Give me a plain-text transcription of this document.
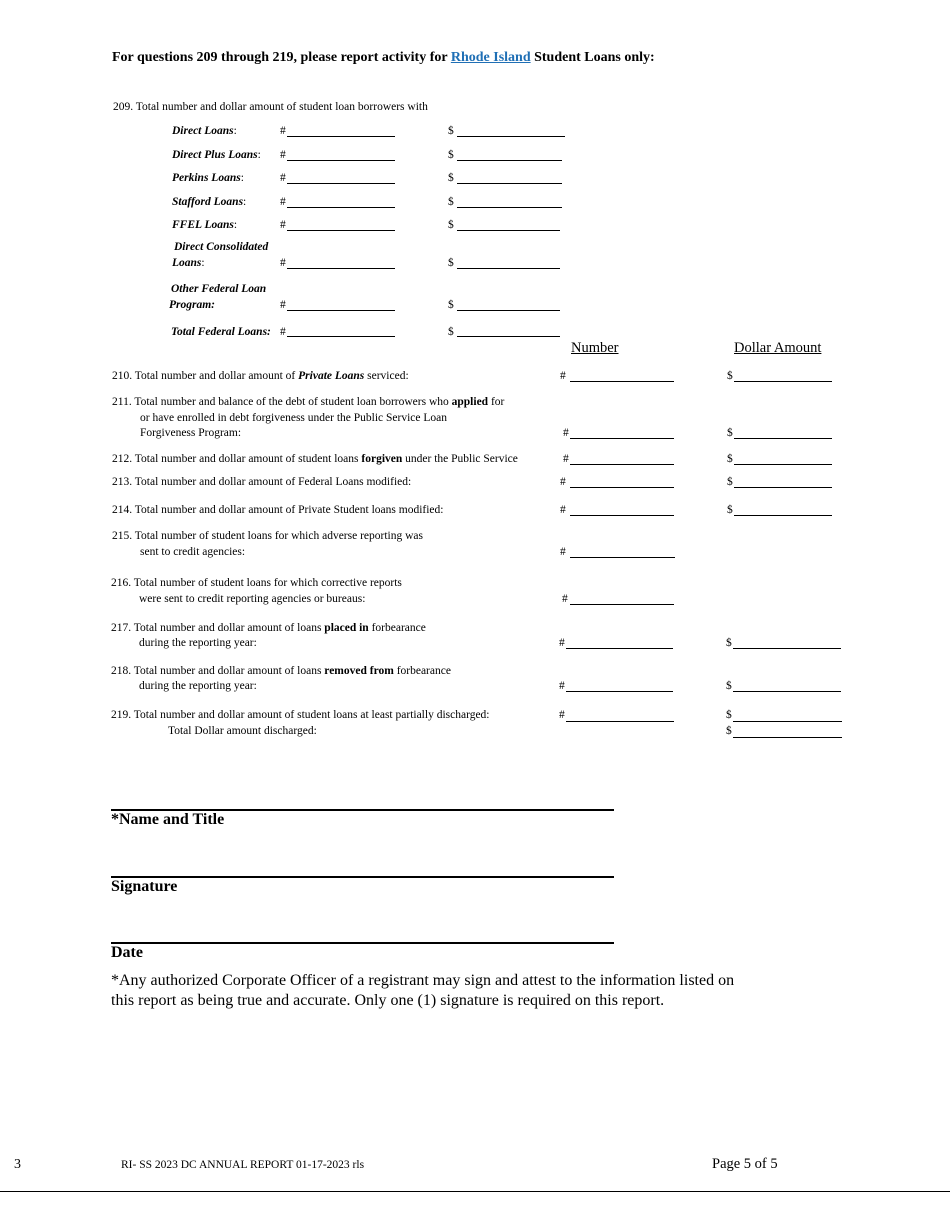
For questions 209 through 219, please report activity for Rhode Island Student Loans only:
209. Total number and dollar amount of student loan borrowers with
Direct Loans:	#	$
Direct Plus Loans: #	$
Perkins Loans:	#	$
Stafford Loans:	#	$
FFEL Loans:	#	$
Direct Consolidated
Loans:	#	$
Other Federal Loan
Program:	#	$
Total Federal Loans: #	$
Number	Dollar Amount
210. Total number and dollar amount of Private Loans serviced:	#	$
211. Total number and balance of the debt of student loan borrowers who applied for
or have enrolled in debt forgiveness under the Public Service Loan
Forgiveness Program:	#	$
212. Total number and dollar amount of student loans forgiven under the Public Service	#	$
213. Total number and dollar amount of Federal Loans modified:	#	$
214. Total number and dollar amount of Private Student loans modified:	#	$
215. Total number of student loans for which adverse reporting was
sent to credit agencies:	#
216. Total number of student loans for which corrective reports
were sent to credit reporting agencies or bureaus:	#
217. Total number and dollar amount of loans placed in forbearance
during the reporting year:	#	$
218. Total number and dollar amount of loans removed from forbearance
during the reporting year:	#	$
219. Total number and dollar amount of student loans at least partially discharged:	#	$
Total Dollar amount discharged:	$
*Name and Title
Signature
Date
*Any authorized Corporate Officer of a registrant may sign and attest to the information listed on
this report as being true and accurate. Only one (1) signature is required on this report.
3	RI- SS 2023 DC ANNUAL REPORT 01-17-2023 rls	Page 5 of 5
